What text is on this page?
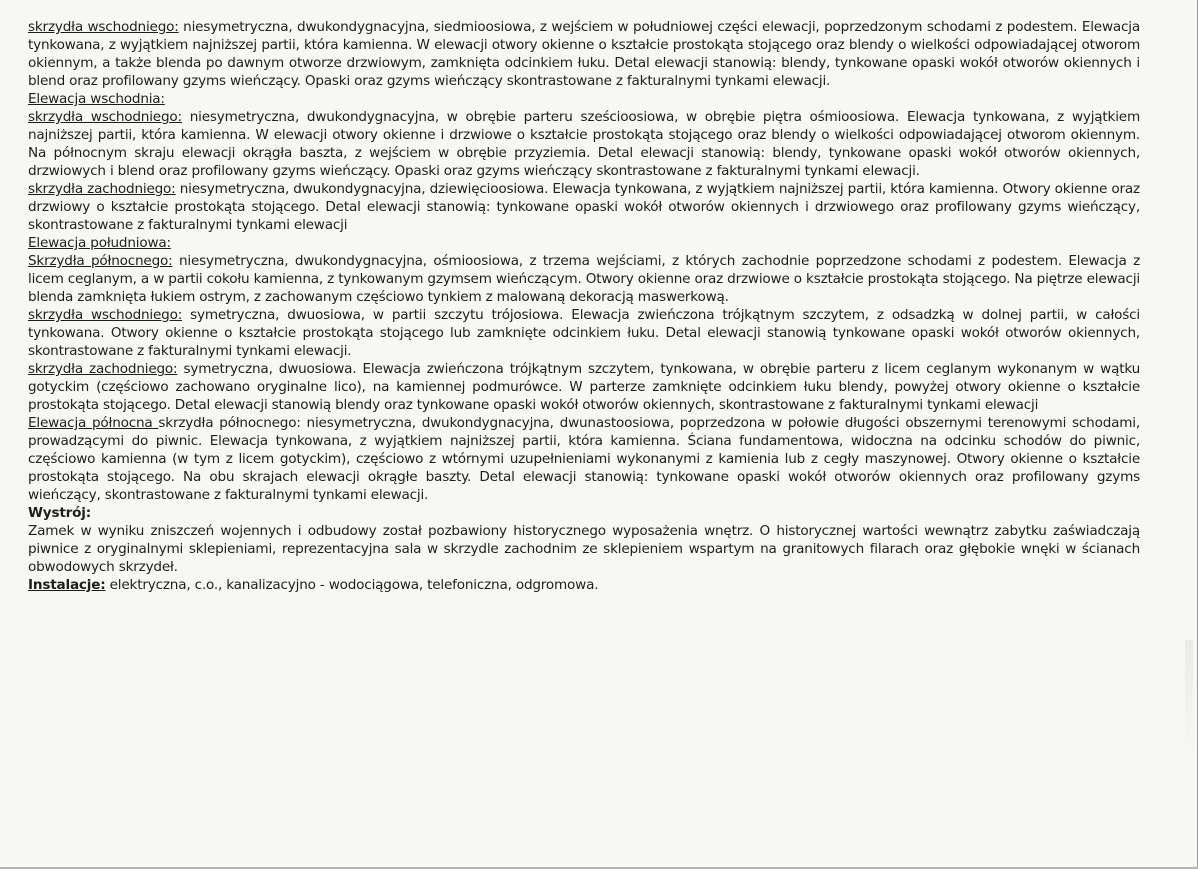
skrzydła wschodniego: niesymetryczna, dwukondygnacyjna, siedmioosiowa, z wejściem w południowej części elewacji, poprzedzonym schodami z podestem. Elewacja tynkowana, z wyjątkiem najniższej partii, która kamienna. W elewacji otwory okienne o kształcie prostokąta stojącego oraz blendy o wielkości odpowiadającej otworom okiennym, a także blenda po dawnym otworze drzwiowym, zamknięta odcinkiem łuku. Detal elewacji stanowią: blendy, tynkowane opaski wokół otworów okiennych i blend oraz profilowany gzyms wieńczący. Opaski oraz gzyms wieńczący skontrastowane z fakturalnymi tynkami elewacji.

Elewacja wschodnia:

skrzydła wschodniego: niesymetryczna, dwukondygnacyjna, w obrębie parteru sześcioosiowa, w obrębie piętra ośmioosiowa. Elewacja tynkowana, z wyjątkiem najniższej partii, która kamienna. W elewacji otwory okienne i drzwiowe o kształcie prostokąta stojącego oraz blendy o wielkości odpowiadającej otworom okiennym. Na północnym skraju elewacji okrągła baszta, z wejściem w obrębie przyziemia. Detal elewacji stanowią: blendy, tynkowane opaski wokół otworów okiennych, drzwiowych i blend oraz profilowany gzyms wieńczący. Opaski oraz gzyms wieńczący skontrastowane z fakturalnymi tynkami elewacji.

skrzydła zachodniego: niesymetryczna, dwukondygnacyjna, dziewięcioosiowa. Elewacja tynkowana, z wyjątkiem najniższej partii, która kamienna. Otwory okienne oraz drzwiowy o kształcie prostokąta stojącego. Detal elewacji stanowią: tynkowane opaski wokół otworów okiennych i drzwiowego oraz profilowany gzyms wieńczący, skontrastowane z fakturalnymi tynkami elewacji

Elewacja południowa:

Skrzydła północnego: niesymetryczna, dwukondygnacyjna, ośmioosiowa, z trzema wejściami, z których zachodnie poprzedzone schodami z podestem. Elewacja z licem ceglanym, a w partii cokołu kamienna, z tynkowanym gzymsem wieńczącym. Otwory okienne oraz drzwiowe o kształcie prostokąta stojącego. Na piętrze elewacji blenda zamknięta łukiem ostrym, z zachowanym częściowo tynkiem z malowaną dekoracją maswerkową.

skrzydła wschodniego: symetryczna, dwuosiowa, w partii szczytu trójosiowa. Elewacja zwieńczona trójkątnym szczytem, z odsadzką w dolnej partii, w całości tynkowana. Otwory okienne o kształcie prostokąta stojącego lub zamknięte odcinkiem łuku. Detal elewacji stanowią tynkowane opaski wokół otworów okiennych, skontrastowane z fakturalnymi tynkami elewacji.

skrzydła zachodniego: symetryczna, dwuosiowa. Elewacja zwieńczona trójkątnym szczytem, tynkowana, w obrębie parteru z licem ceglanym wykonanym w wątku gotyckim (częściowo zachowano oryginalne lico), na kamiennej podmurówce. W parterze zamknięte odcinkiem łuku blendy, powyżej otwory okienne o kształcie prostokąta stojącego. Detal elewacji stanowią blendy oraz tynkowane opaski wokół otworów okiennych, skontrastowane z fakturalnymi tynkami elewacji

Elewacja północna skrzydła północnego: niesymetryczna, dwukondygnacyjna, dwunastoosiowa, poprzedzona w połowie długości obszernymi terenowymi schodami, prowadzącymi do piwnic. Elewacja tynkowana, z wyjątkiem najniższej partii, która kamienna. Ściana fundamentowa, widoczna na odcinku schodów do piwnic, częściowo kamienna (w tym z licem gotyckim), częściowo z wtórnymi uzupełnieniami wykonanymi z kamienia lub z cegły maszynowej. Otwory okienne o kształcie prostokąta stojącego. Na obu skrajach elewacji okrągłe baszty. Detal elewacji stanowią: tynkowane opaski wokół otworów okiennych oraz profilowany gzyms wieńczący, skontrastowane z fakturalnymi tynkami elewacji.

Wystrój:

Zamek w wyniku zniszczeń wojennych i odbudowy został pozbawiony historycznego wyposażenia wnętrz. O historycznej wartości wewnątrz zabytku zaświadczają piwnice z oryginalnymi sklepieniami, reprezentacyjna sala w skrzydle zachodnim ze sklepieniem wspartym na granitowych filarach oraz głębokie wnęki w ścianach obwodowych skrzydeł.

Instalacje: elektryczna, c.o., kanalizacyjno - wodociągowa, telefoniczna, odgromowa.
